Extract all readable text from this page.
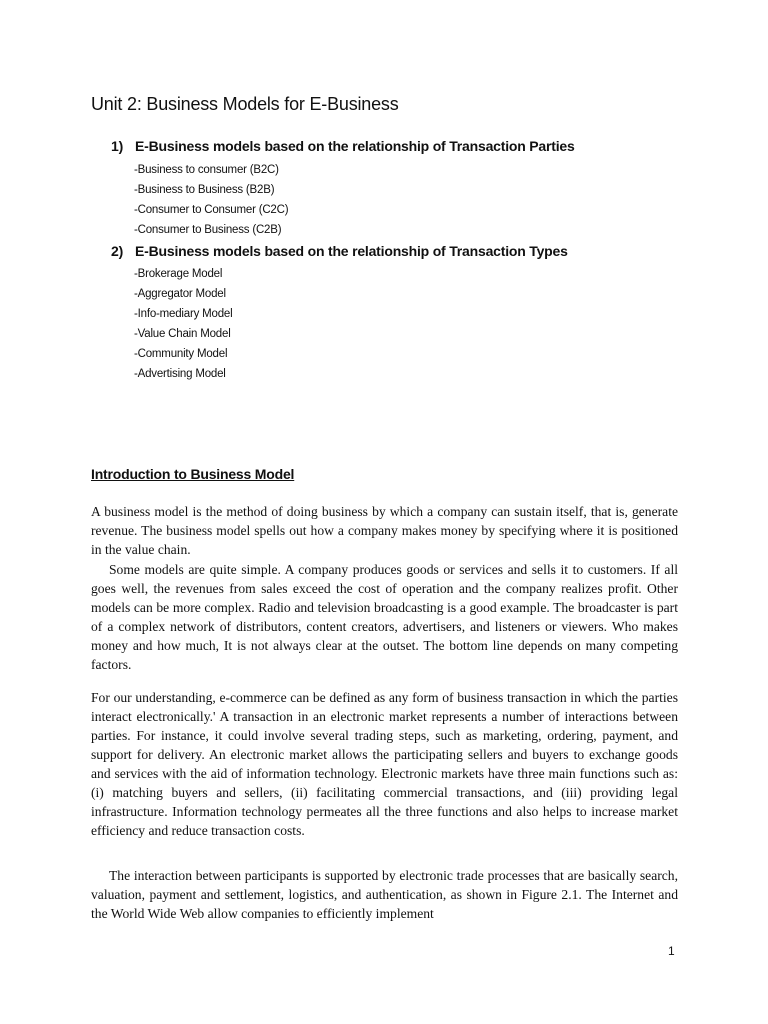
Unit 2: Business Models for E-Business
1) E-Business models based on the relationship of Transaction Parties
-Business to consumer (B2C)
-Business to Business (B2B)
-Consumer to Consumer (C2C)
-Consumer to Business (C2B)
2) E-Business models based on the relationship of Transaction Types
-Brokerage Model
-Aggregator Model
-Info-mediary Model
-Value Chain Model
-Community Model
-Advertising Model
Introduction to Business Model

A business model is the method of doing business by which a company can sustain itself, that is, generate revenue. The business model spells out how a company makes money by specifying where it is positioned in the value chain.

Some models are quite simple. A company produces goods or services and sells it to customers. If all goes well, the revenues from sales exceed the cost of operation and the company realizes profit. Other models can be more complex. Radio and television broadcasting is a good example. The broadcaster is part of a complex network of distributors, content creators, advertisers, and listeners or viewers. Who makes money and how much, It is not always clear at the outset. The bottom line depends on many competing factors.

For our understanding, e-commerce can be defined as any form of business transaction in which the parties interact electronically.' A transaction in an electronic market represents a number of interactions between parties. For instance, it could involve several trading steps, such as marketing, ordering, payment, and support for delivery. An electronic market allows the participating sellers and buyers to exchange goods and services with the aid of information technology. Electronic markets have three main functions such as: (i) matching buyers and sellers, (ii) facilitating commercial transactions, and (iii) providing legal infrastructure. Information technology permeates all the three functions and also helps to increase market efficiency and reduce transaction costs.

The interaction between participants is supported by electronic trade processes that are basically search, valuation, payment and settlement, logistics, and authentication, as shown in Figure 2.1. The Internet and the World Wide Web allow companies to efficiently implement

1
